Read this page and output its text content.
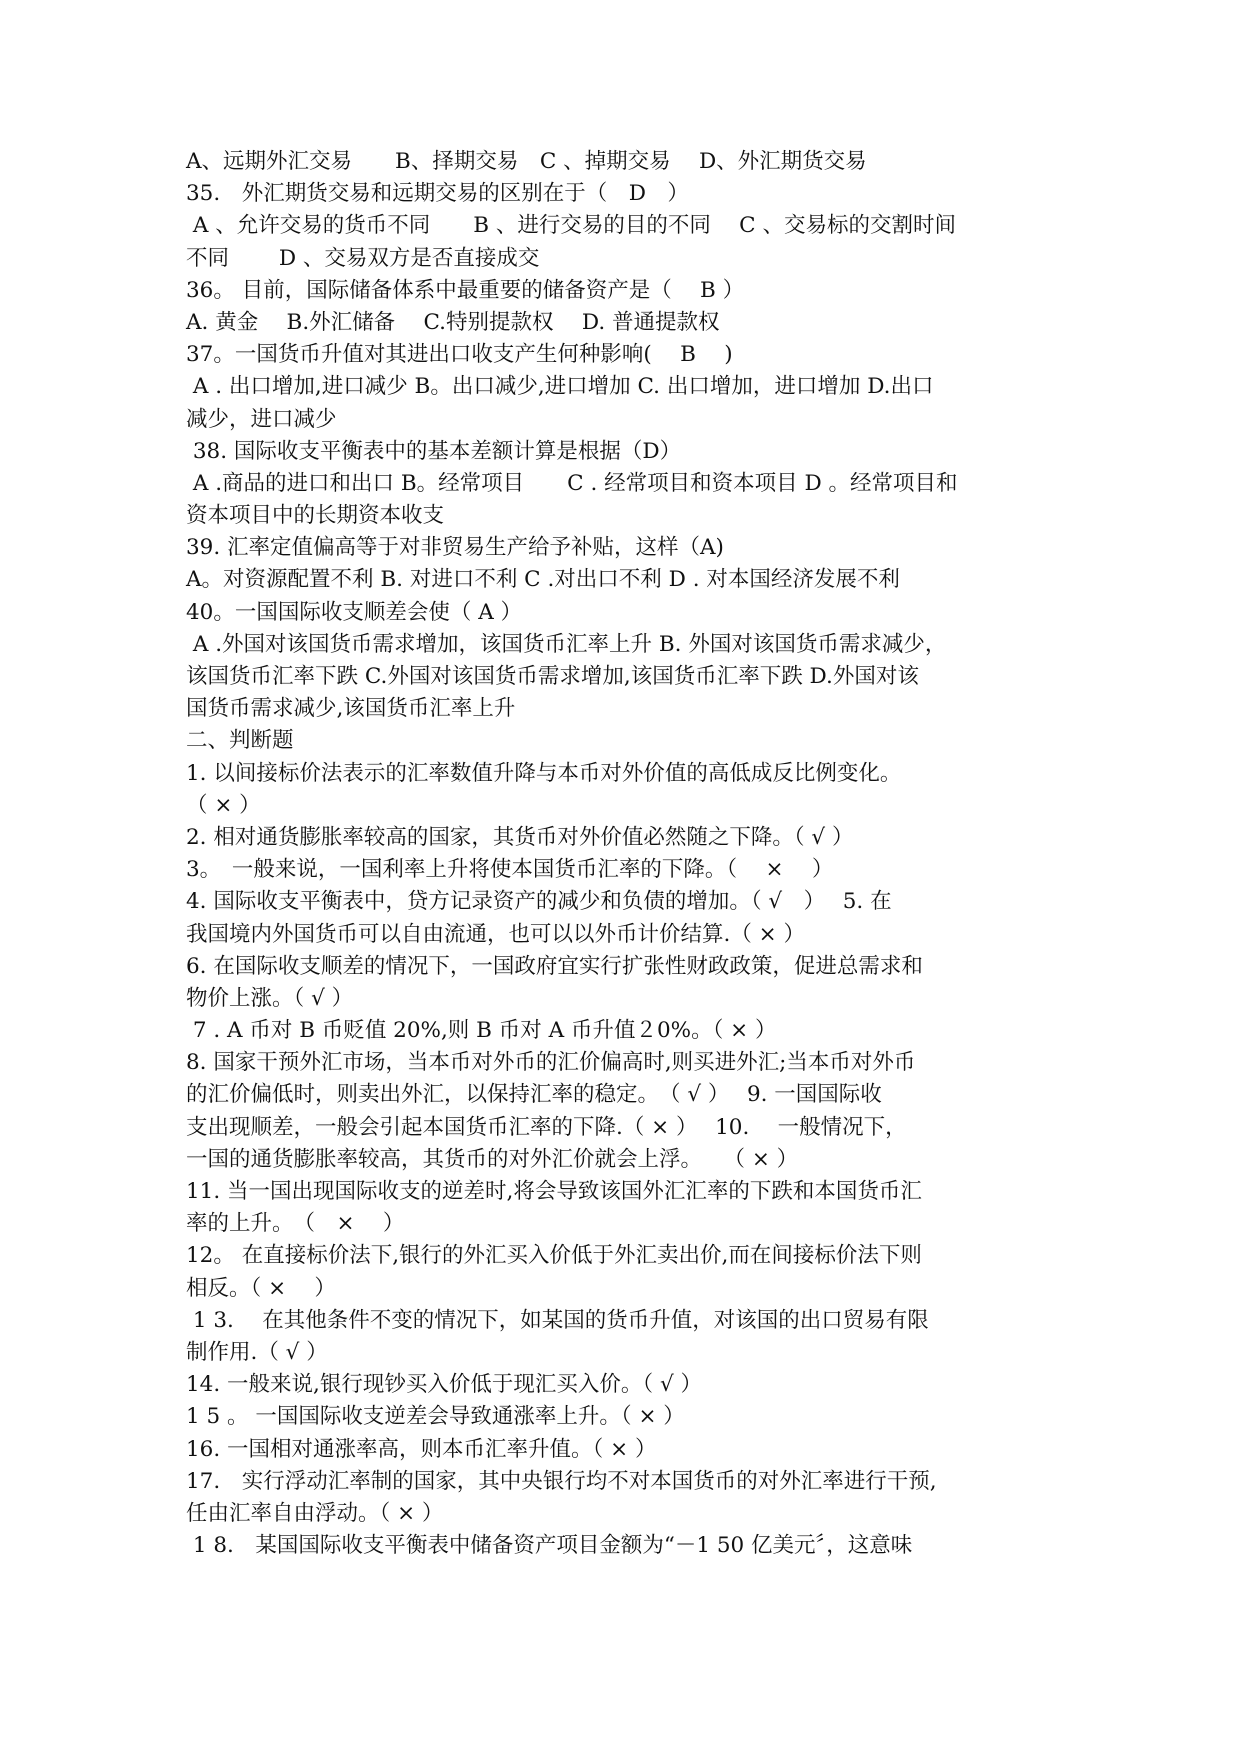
A、远期外汇交易　　B、择期交易　C 、掉期交易　 D、外汇期货交易
35.　外汇期货交易和远期交易的区别在于（　D　）
A 、允许交易的货币不同　　B 、进行交易的目的不同　 C 、交易标的交割时间
不同　　 D 、交易双方是否直接成交
36。 目前，国际储备体系中最重要的储备资产是（　 B ）
A. 黄金　 B.外汇储备　 C.特别提款权　 D. 普通提款权
37。一国货币升值对其进出口收支产生何种影响(　 B　 )
A . 出口增加,进口减少 B。出口减少,进口增加 C. 出口增加，进口增加 D.出口
减少，进口减少
38. 国际收支平衡表中的基本差额计算是根据（D）
A .商品的进口和出口 B。经常项目　　C . 经常项目和资本项目 D 。经常项目和
资本项目中的长期资本收支
39. 汇率定值偏高等于对非贸易生产给予补贴，这样（A)
A。对资源配置不利 B. 对进口不利 C .对出口不利 D . 对本国经济发展不利
40。一国国际收支顺差会使（ A ）
A .外国对该国货币需求增加，该国货币汇率上升 B. 外国对该国货币需求减少，
该国货币汇率下跌 C.外国对该国货币需求增加,该国货币汇率下跌 D.外国对该
国货币需求减少,该国货币汇率上升
二、判断题
1. 以间接标价法表示的汇率数值升降与本币对外价值的高低成反比例变化。
（ × ）
2. 相对通货膨胀率较高的国家，其货币对外价值必然随之下降。（ √ ）
3。　一般来说，一国利率上升将使本国货币汇率的下降。（　 × 　）
4. 国际收支平衡表中，贷方记录资产的减少和负债的增加。（ √　）　 5. 在
我国境内外国货币可以自由流通，也可以以外币计价结算.（ × ）
6. 在国际收支顺差的情况下，一国政府宜实行扩张性财政政策，促进总需求和
物价上涨。（ √ ）
7 . A 币对 B 币贬值 20%,则 B 币对 A 币升值２0%。（ × ）
8. 国家干预外汇市场，当本币对外币的汇价偏高时,则买进外汇;当本币对外币
的汇价偏低时，则卖出外汇，以保持汇率的稳定。　（ √ ）　 9. 一国国际收
支出现顺差，一般会引起本国货币汇率的下降.（ × ）　 10.　 一般情况下，
一国的通货膨胀率较高，其货币的对外汇价就会上浮。　　（ × ）
11. 当一国出现国际收支的逆差时,将会导致该国外汇汇率的下跌和本国货币汇
率的上升。　（　×　 ）
12。 在直接标价法下,银行的外汇买入价低于外汇卖出价,而在间接标价法下则
相反。（ ×　 ）
1 3.　 在其他条件不变的情况下，如某国的货币升值，对该国的出口贸易有限
制作用.（ √ ）
14. 一般来说,银行现钞买入价低于现汇买入价。（ √ ）
1 5 。 一国国际收支逆差会导致通涨率上升。（ × ）
16. 一国相对通涨率高，则本币汇率升值。（ × ）
17.　实行浮动汇率制的国家，其中央银行均不对本国货币的对外汇率进行干预,
任由汇率自由浮动。（ × ）
1 8.　某国国际收支平衡表中储备资产项目金额为“－1 50 亿美元〞，这意味
